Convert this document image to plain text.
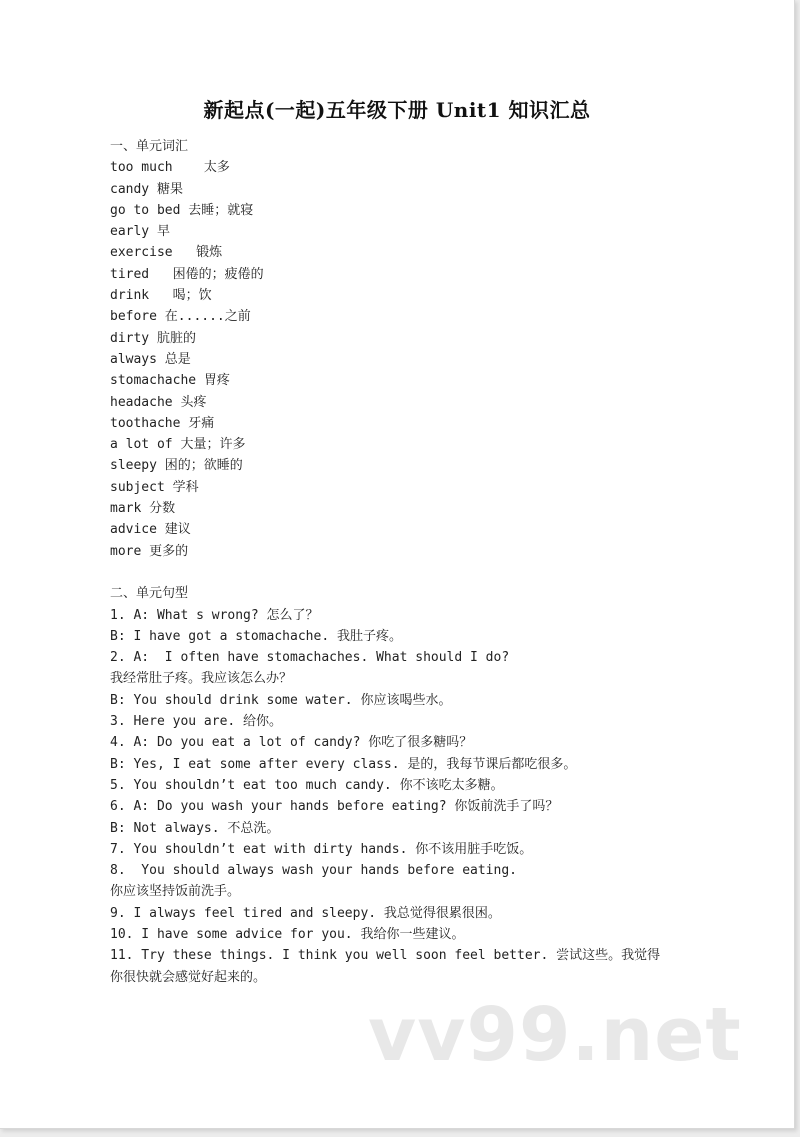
新起点(一起)五年级下册 Unit1 知识汇总
一、单元词汇
too much    太多
candy 糖果
go to bed 去睡；就寝
early 早
exercise   锻炼
tired   困倦的；疲倦的
drink   喝；饮
before 在......之前
dirty 肮脏的
always 总是
stomachache 胃疼
headache 头疼
toothache 牙痛
a lot of 大量；许多
sleepy 困的；欲睡的
subject 学科
mark 分数
advice 建议
more 更多的
二、单元句型
1. A: What s wrong? 怎么了？
B: I have got a stomachache. 我肚子疼。
2. A:  I often have stomachaches. What should I do?
我经常肚子疼。我应该怎么办？
B: You should drink some water. 你应该喝些水。
3. Here you are. 给你。
4. A: Do you eat a lot of candy? 你吃了很多糖吗？
B: Yes, I eat some after every class. 是的，我每节课后都吃很多。
5. You shouldn’t eat too much candy. 你不该吃太多糖。
6. A: Do you wash your hands before eating? 你饭前洗手了吗？
B: Not always. 不总洗。
7. You shouldn’t eat with dirty hands. 你不该用脏手吃饭。
8.  You should always wash your hands before eating.
你应该坚持饭前洗手。
9. I always feel tired and sleepy. 我总觉得很累很困。
10. I have some advice for you. 我给你一些建议。
11. Try these things. I think you well soon feel better. 尝试这些。我觉得
你很快就会感觉好起来的。
vv99.net
